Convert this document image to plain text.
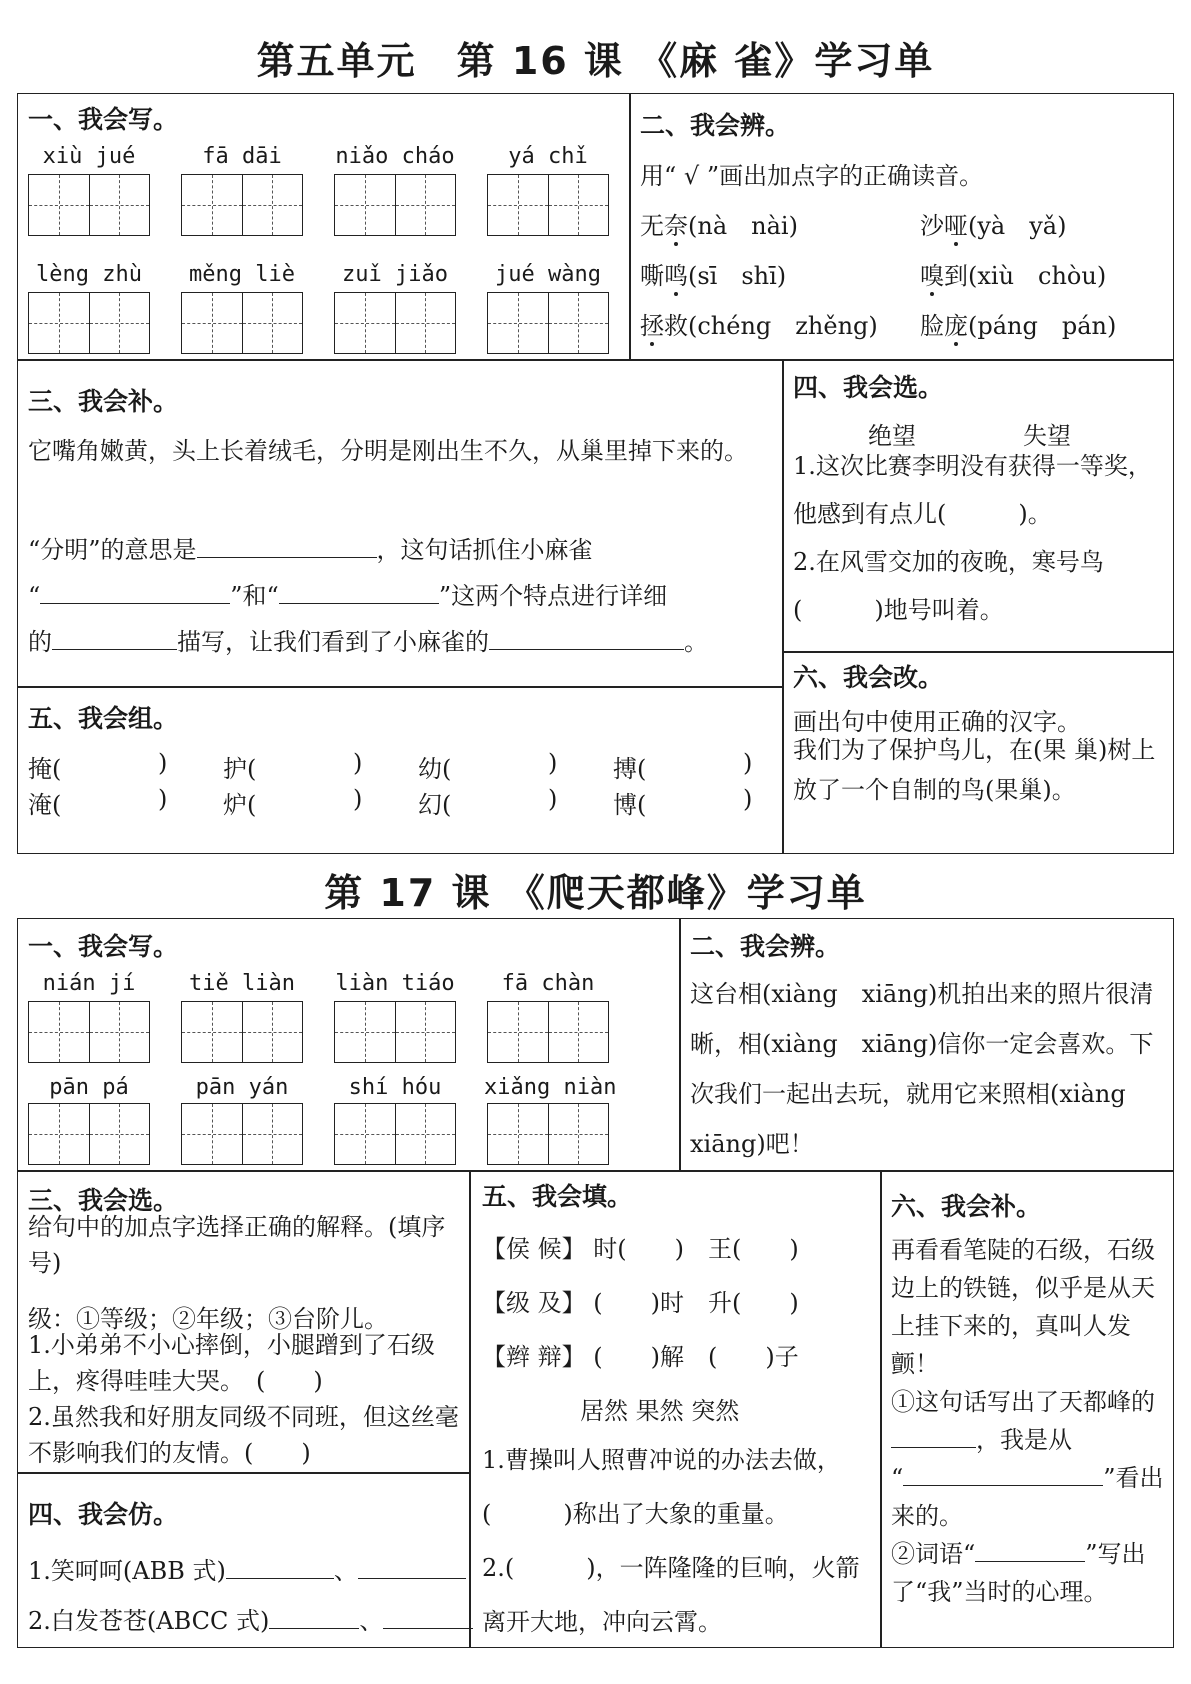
第五单元　第 16 课 《麻 雀》学习单
一、我会写。
xiù jué	fā dāi	niǎo cháo	yá chǐ
lèng zhù	měng liè	zuǐ jiǎo	jué wàng
二、我会辨。
用“ √ ”画出加点字的正确读音。
无奈(nà　nài)	沙哑(yà　yǎ)
嘶鸣(sī　shī)	嗅到(xiù　chòu)
拯救(chéng　zhěng) 脸庞(páng　pán)
三、我会补。
它嘴角嫩黄，头上长着绒毛，分明是刚出生不久，从巢里掉下来的。
“分明”的意思是	，这句话抓住小麻雀
“	”和“	”这两个特点进行详细
的	描写，让我们看到了小麻雀的	。
四、我会选。
绝望	失望
1.这次比赛李明没有获得一等奖，他感到有点儿(　　　)。
2.在风雪交加的夜晚，寒号鸟(　　　)地号叫着。
五、我会组。
掩(	) 护(	) 幼(	) 搏(	)
淹(	) 炉(	) 幻(	) 博(	)
六、我会改。
画出句中使用正确的汉字。
我们为了保护鸟儿，在(果 巢)树上放了一个自制的鸟(果巢)。
第 17 课 《爬天都峰》学习单
一、我会写。
nián jí	tiě liàn	liàn tiáo	fā chàn
pān pá	pān yán	shí hóu	xiǎng niàn
二、我会辨。
这台相(xiàng　xiāng)机拍出来的照片很清晰，相(xiàng　xiāng)信你一定会喜欢。下次我们一起出去玩，就用它来照相(xiàng　xiāng)吧！
三、我会选。
给句中的加点字选择正确的解释。(填序号)
级：①等级；②年级；③台阶儿。
1.小弟弟不小心摔倒，小腿蹭到了石级上，疼得哇哇大哭。　(　　)
2.虽然我和好朋友同级不同班，但这丝毫不影响我们的友情。(　　)
四、我会仿。
1.笑呵呵(ABB 式)	、
2.白发苍苍(ABCC 式)	、
五、我会填。
【侯 候】 时(　　)　王(　　)
【级 及】 (　　)时　升(　　)
【辫 辩】 (　　)解　(　　)子
居然 果然 突然
1.曹操叫人照曹冲说的办法去做，(　　　)称出了大象的重量。
2.(　　　)，一阵隆隆的巨响，火箭离开大地，冲向云霄。
六、我会补。
再看看笔陡的石级，石级边上的铁链，似乎是从天上挂下来的，真叫人发颤！
①这句话写出了天都峰的，我是从
“	”看出来的。
②词语“	”写出了“我”当时的心理。
